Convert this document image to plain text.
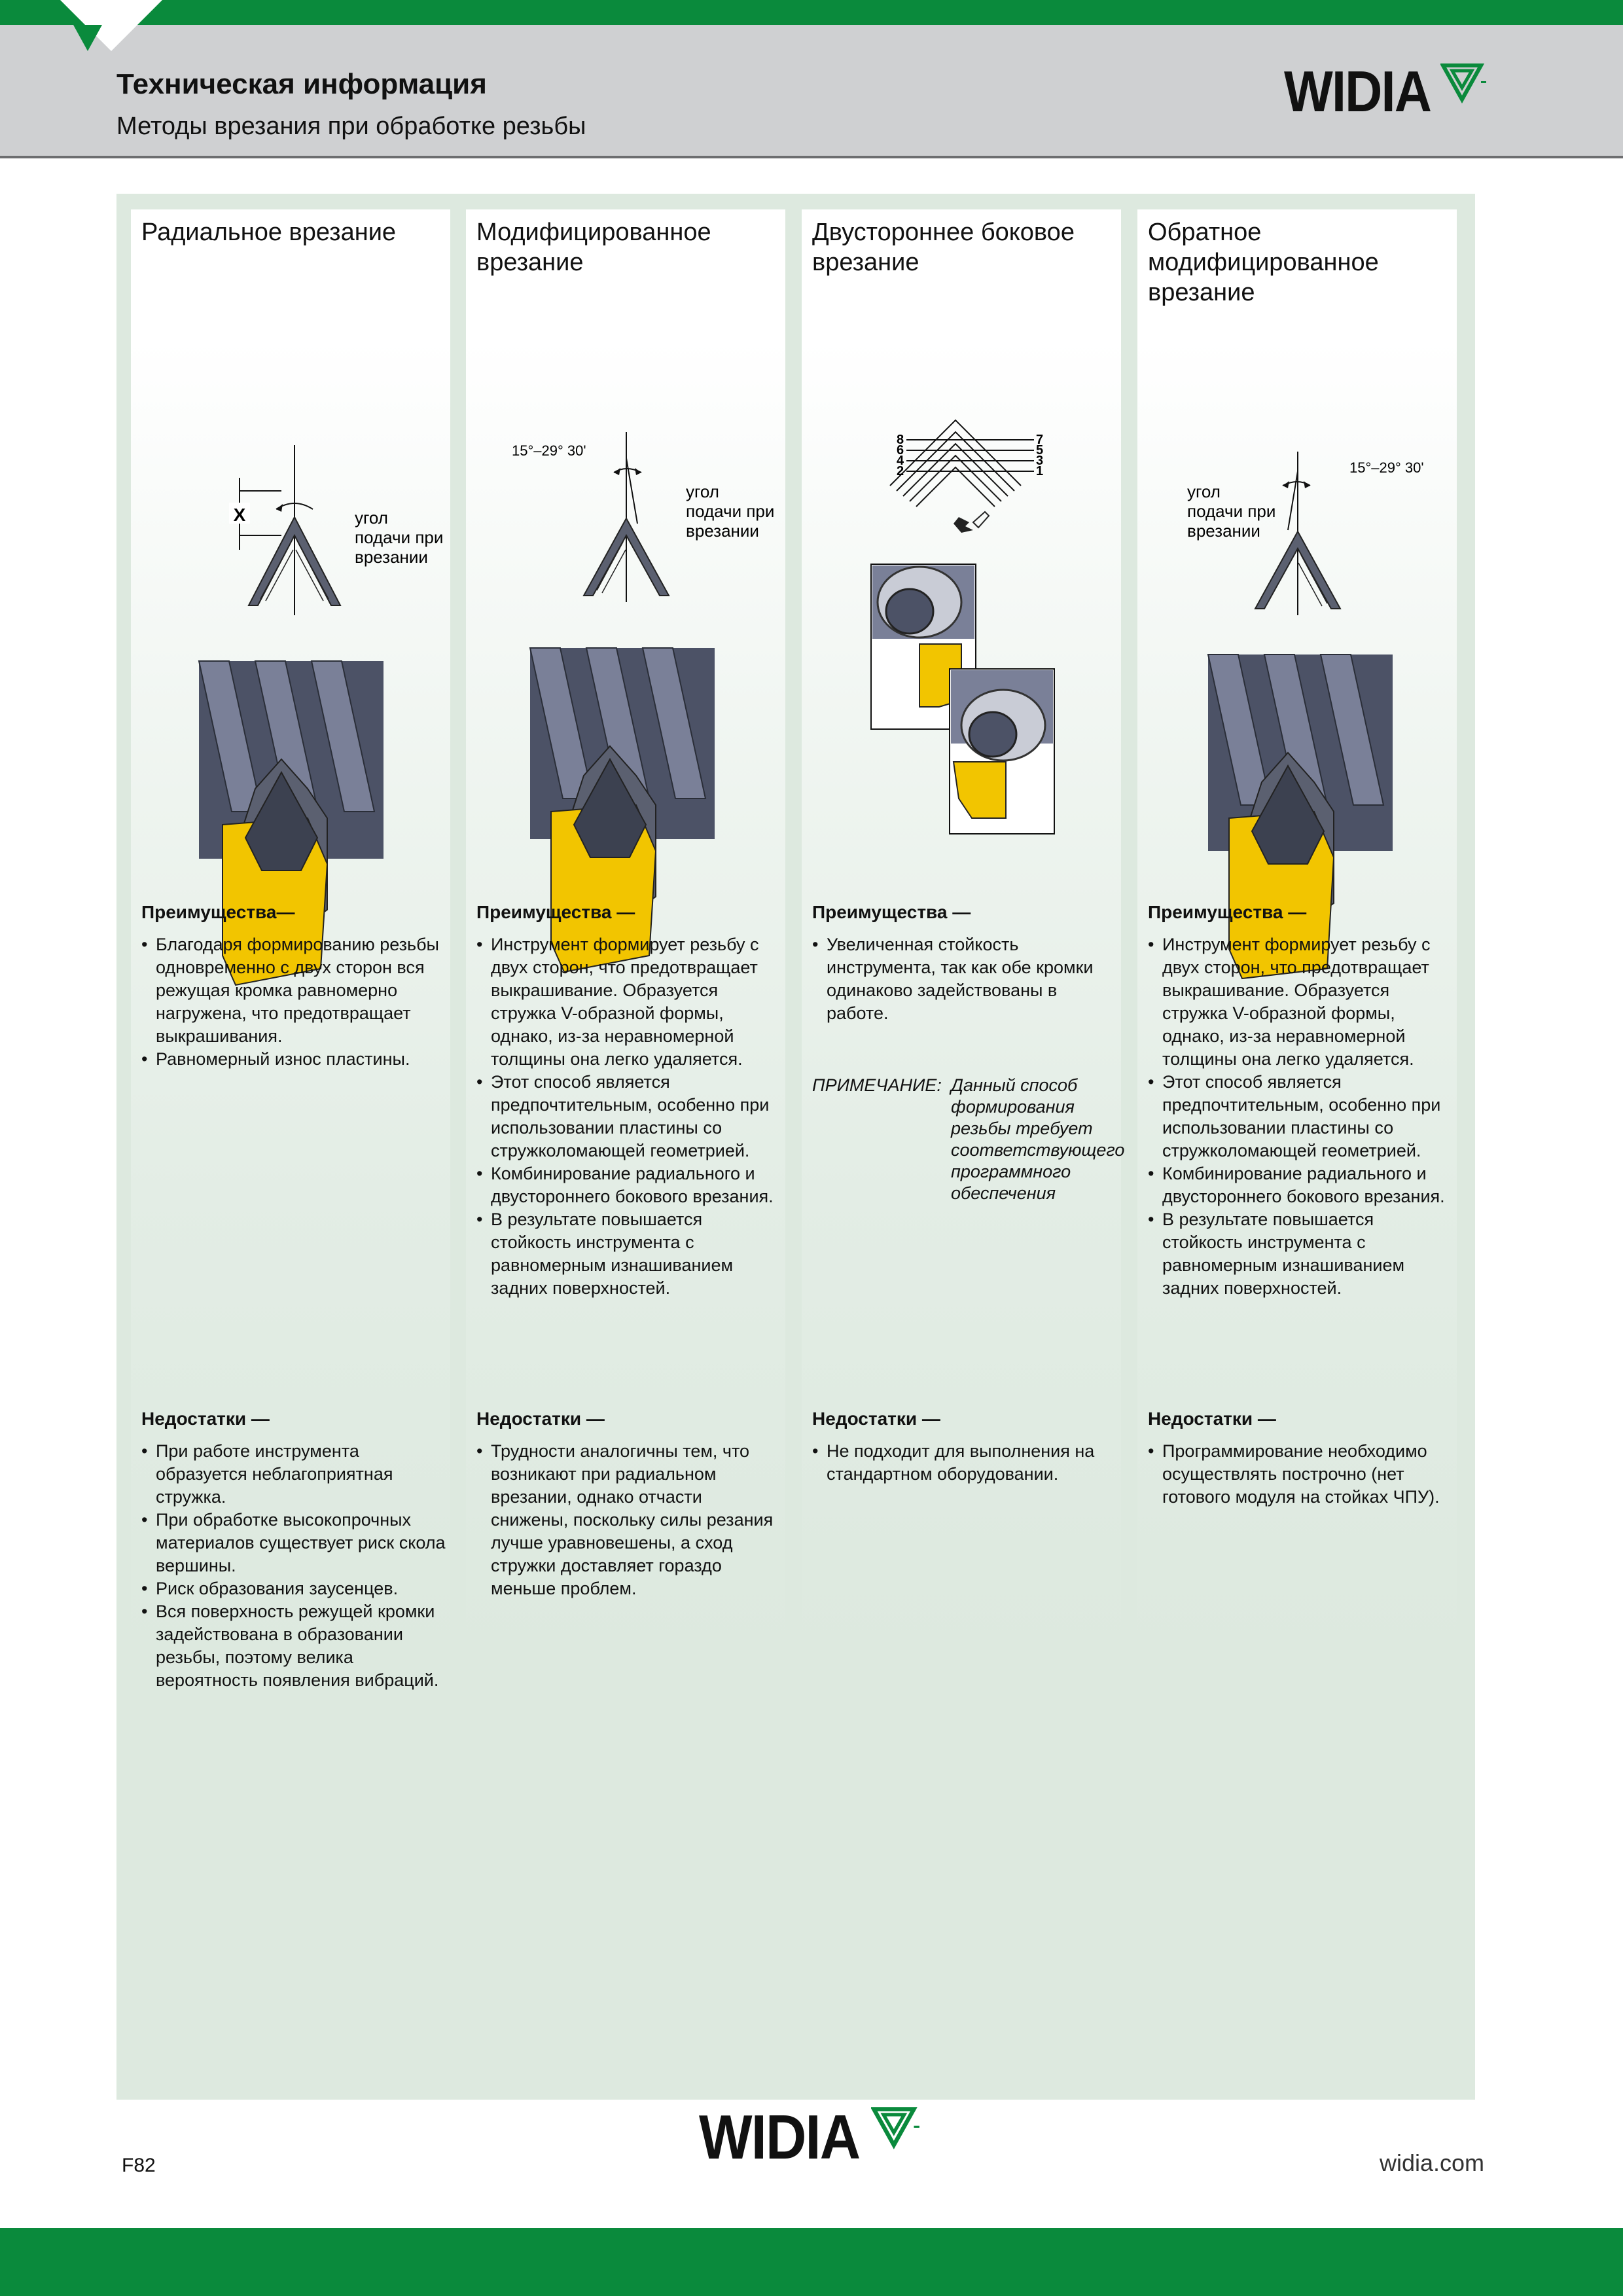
Техническая информация
Методы врезания при обработке резьбы
WIDIA
Радиальное врезание
X	угол
подачи при
врезании
Преимущества—
• Благодаря формированию резьбы одновременно с двух сторон вся режущая кромка равномерно нагружена, что предотвращает выкрашивания.
• Равномерный износ пластины.
Недостатки —
• При работе инструмента образуется неблагоприятная стружка.
• При обработке высокопрочных материалов существует риск скола вершины.
• Риск образования заусенцев.
• Вся поверхность режущей кромки задействована в образовании резьбы, поэтому велика вероятность появления вибраций.
Модифицированное врезание
15°–29° 30'
угол
подачи при
врезании
Преимущества —
• Инструмент формирует резьбу с двух сторон, что предотвращает выкрашивание. Образуется стружка V-образной формы, однако, из-за неравномерной толщины она легко удаляется.
• Этот способ является предпочтительным, особенно при использовании пластины со стружколомающей геометрией.
• Комбинирование радиального и двустороннего бокового врезания.
• В результате повышается стойкость инструмента с равномерным изнашиванием задних поверхностей.
Недостатки —
• Трудности аналогичны тем, что возникают при радиальном врезании, однако отчасти снижены, поскольку силы резания лучше уравновешены, а сход стружки доставляет гораздо меньше проблем.
Двустороннее боковое врезание
8
6
4
2
7
5
3
1
Преимущества —
• Увеличенная стойкость инструмента, так как обе кромки одинаково задействованы в работе.
ПРИМЕЧАНИЕ: Данный способ формирования резьбы требует соответствующего программного обеспечения
Недостатки —
• Не подходит для выполнения на стандартном оборудовании.
Обратное модифицированное врезание
15°–29° 30'
угол
подачи при
врезании
Преимущества —
• Инструмент формирует резьбу с двух сторон, что предотвращает выкрашивание. Образуется стружка V-образной формы, однако, из-за неравномерной толщины она легко удаляется.
• Этот способ является предпочтительным, особенно при использовании пластины со стружколомающей геометрией.
• Комбинирование радиального и двустороннего бокового врезания.
• В результате повышается стойкость инструмента с равномерным изнашиванием задних поверхностей.
Недостатки —
• Программирование необходимо осуществлять построчно (нет готового модуля на стойках ЧПУ).
F82	WIDIA	widia.com
